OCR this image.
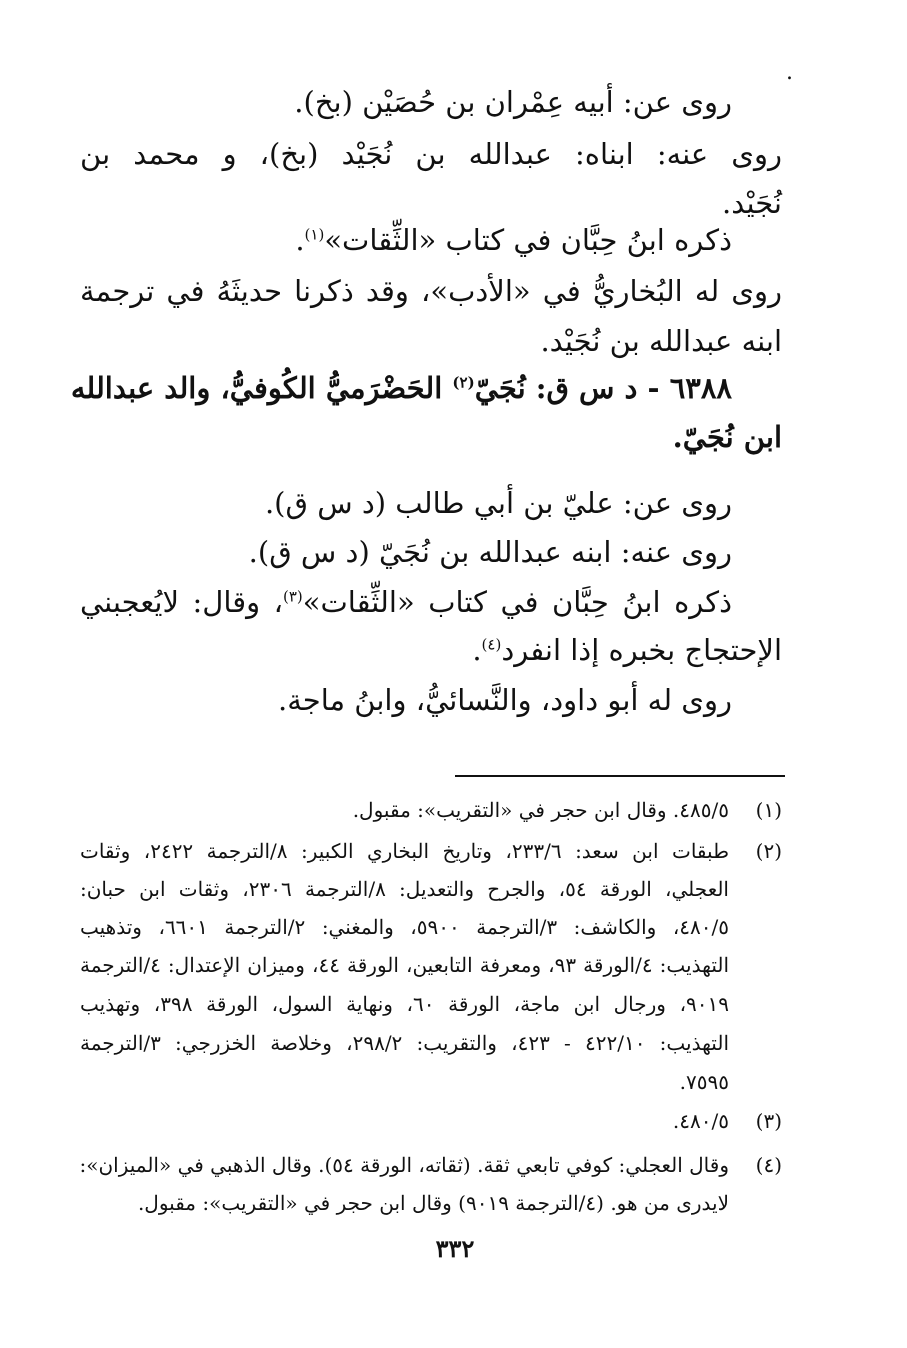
.
روى عن: أبيه عِمْران بن حُصَيْن (بخ).
روى عنه: ابناه: عبدالله بن نُجَيْد (بخ)، و محمد بن
نُجَيْد.
ذكره ابنُ حِبَّان في كتاب «الثِّقات»$^{(١)}$.
روى له البُخاريُّ في «الأدب»، وقد ذكرنا حديثَهُ في ترجمة
ابنه عبدالله بن نُجَيْد.
٦٣٨٨ - د س ق: نُجَيّ$^{(٢)}$ الحَضْرَميُّ الكُوفيُّ، والد عبدالله
ابن نُجَيّ.
روى عن: عليّ بن أبي طالب (د س ق).
روى عنه: ابنه عبدالله بن نُجَيّ (د س ق).
ذكره ابنُ حِبَّان في كتاب «الثِّقات»$^{(٣)}$، وقال: لايُعجبني
الإحتجاج بخبره إذا انفرد$^{(٤)}$.
روى له أبو داود، والنَّسائيُّ، وابنُ ماجة.
(١)
٤٨٥/٥. وقال ابن حجر في «التقريب»: مقبول.
(٢)
طبقات ابن سعد: ٢٣٣/٦، وتاريخ البخاري الكبير: ٨/الترجمة ٢٤٢٢، وثقات
العجلي، الورقة ٥٤، والجرح والتعديل: ٨/الترجمة ٢٣٠٦، وثقات ابن حبان:
٤٨٠/٥، والكاشف: ٣/الترجمة ٥٩٠٠، والمغني: ٢/الترجمة ٦٦٠١، وتذهيب
التهذيب: ٤/الورقة ٩٣، ومعرفة التابعين، الورقة ٤٤، وميزان الإعتدال: ٤/الترجمة
٩٠١٩، ورجال ابن ماجة، الورقة ٦٠، ونهاية السول، الورقة ٣٩٨، وتهذيب
التهذيب: ٤٢٢/١٠ - ٤٢٣، والتقريب: ٢٩٨/٢، وخلاصة الخزرجي: ٣/الترجمة
٧٥٩٥.
(٣)
٤٨٠/٥.
(٤)
وقال العجلي: كوفي تابعي ثقة. (ثقاته، الورقة ٥٤). وقال الذهبي في «الميزان»:
لايدرى من هو. (٤/الترجمة ٩٠١٩) وقال ابن حجر في «التقريب»: مقبول.
٣٣٢
